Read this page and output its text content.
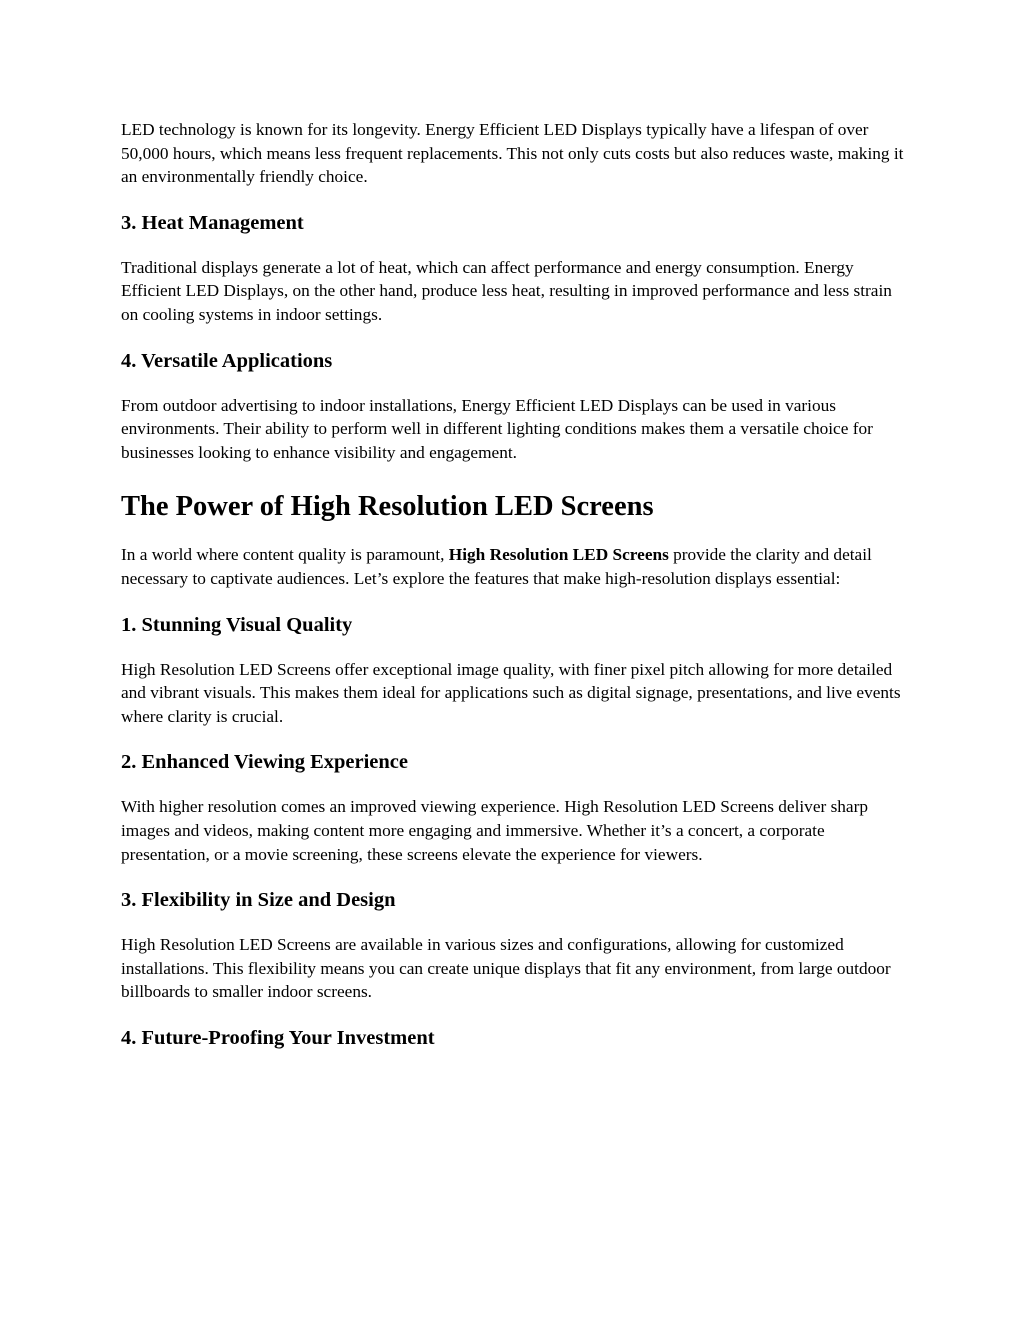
LED technology is known for its longevity. Energy Efficient LED Displays typically have a lifespan of over 50,000 hours, which means less frequent replacements. This not only cuts costs but also reduces waste, making it an environmentally friendly choice.

3. Heat Management

Traditional displays generate a lot of heat, which can affect performance and energy consumption. Energy Efficient LED Displays, on the other hand, produce less heat, resulting in improved performance and less strain on cooling systems in indoor settings.

4. Versatile Applications

From outdoor advertising to indoor installations, Energy Efficient LED Displays can be used in various environments. Their ability to perform well in different lighting conditions makes them a versatile choice for businesses looking to enhance visibility and engagement.

The Power of High Resolution LED Screens

In a world where content quality is paramount, High Resolution LED Screens provide the clarity and detail necessary to captivate audiences. Let’s explore the features that make high-resolution displays essential:

1. Stunning Visual Quality

High Resolution LED Screens offer exceptional image quality, with finer pixel pitch allowing for more detailed and vibrant visuals. This makes them ideal for applications such as digital signage, presentations, and live events where clarity is crucial.

2. Enhanced Viewing Experience

With higher resolution comes an improved viewing experience. High Resolution LED Screens deliver sharp images and videos, making content more engaging and immersive. Whether it’s a concert, a corporate presentation, or a movie screening, these screens elevate the experience for viewers.

3. Flexibility in Size and Design

High Resolution LED Screens are available in various sizes and configurations, allowing for customized installations. This flexibility means you can create unique displays that fit any environment, from large outdoor billboards to smaller indoor screens.

4. Future-Proofing Your Investment
